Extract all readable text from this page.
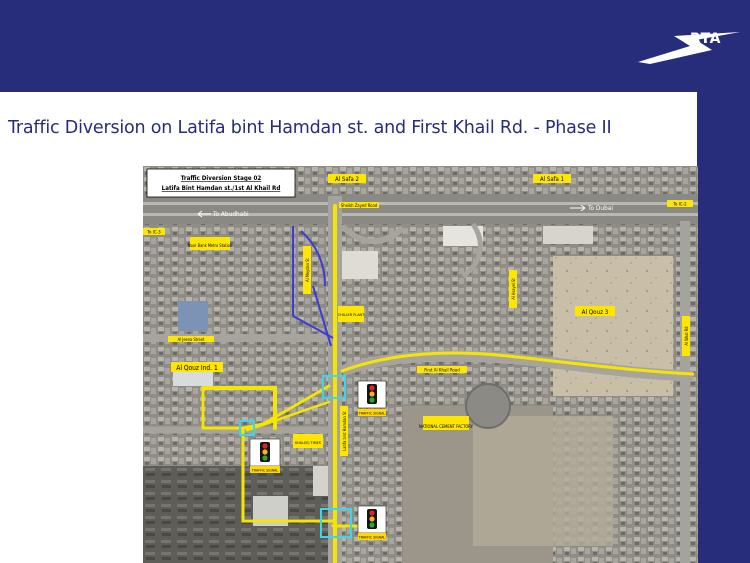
RTA
Traffic Diversion on Latifa bint Hamdan st. and First Khail Rd. - Phase II
TRAFFIC SIGNAL
TRAFFIC SIGNAL
TRAFFIC SIGNAL
Traffic Diversion Stage 02
Latifa Bint Hamdan st./1st Al Khail Rd
Al Safa 2	Al Safa 1
Sheikh Zayed Road
To IC-3
To IC-2
Noor Bank Metro Station
Al Qouz 3
Al Qouz Ind. 1	First Al Khail Road
NATIONAL CEMENT FACTORY
Al Jeena Street
CHILLER PLANT
KHALEEJ TIMES
Al Meydan St
Latifa bint Hamdan St
Al Asayel St
Al Wasl Rd
To Abudhabi
To Dubai
